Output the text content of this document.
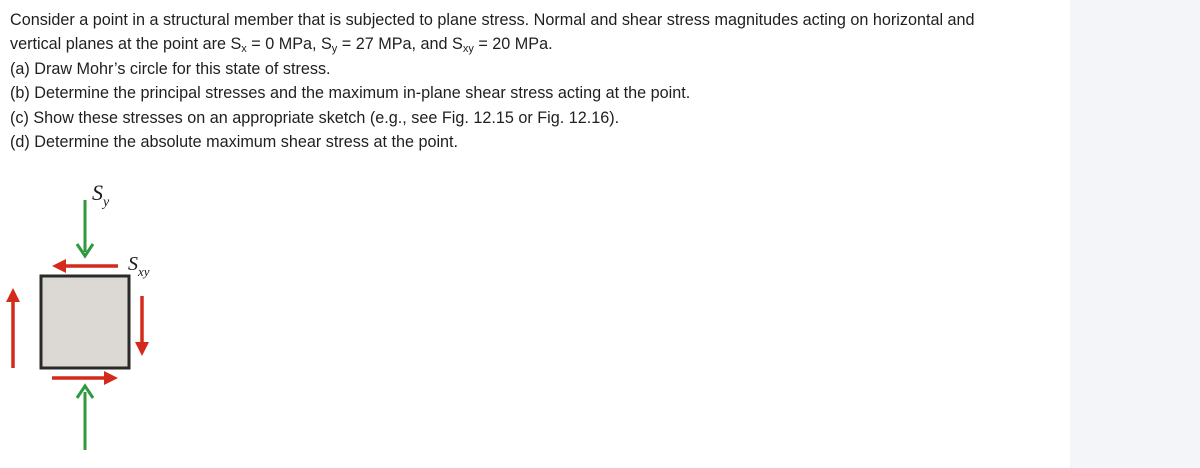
Consider a point in a structural member that is subjected to plane stress. Normal and shear stress magnitudes acting on horizontal and

vertical planes at the point are $S_x = 0$ MPa, $S_y = 27$ MPa, and $S_{xy} = 20$ MPa.

(a) Draw Mohr’s circle for this state of stress.

(b) Determine the principal stresses and the maximum in-plane shear stress acting at the point.

(c) Show these stresses on an appropriate sketch (e.g., see Fig. 12.15 or Fig. 12.16).

(d) Determine the absolute maximum shear stress at the point.

$S_y$
$S_{xy}$
